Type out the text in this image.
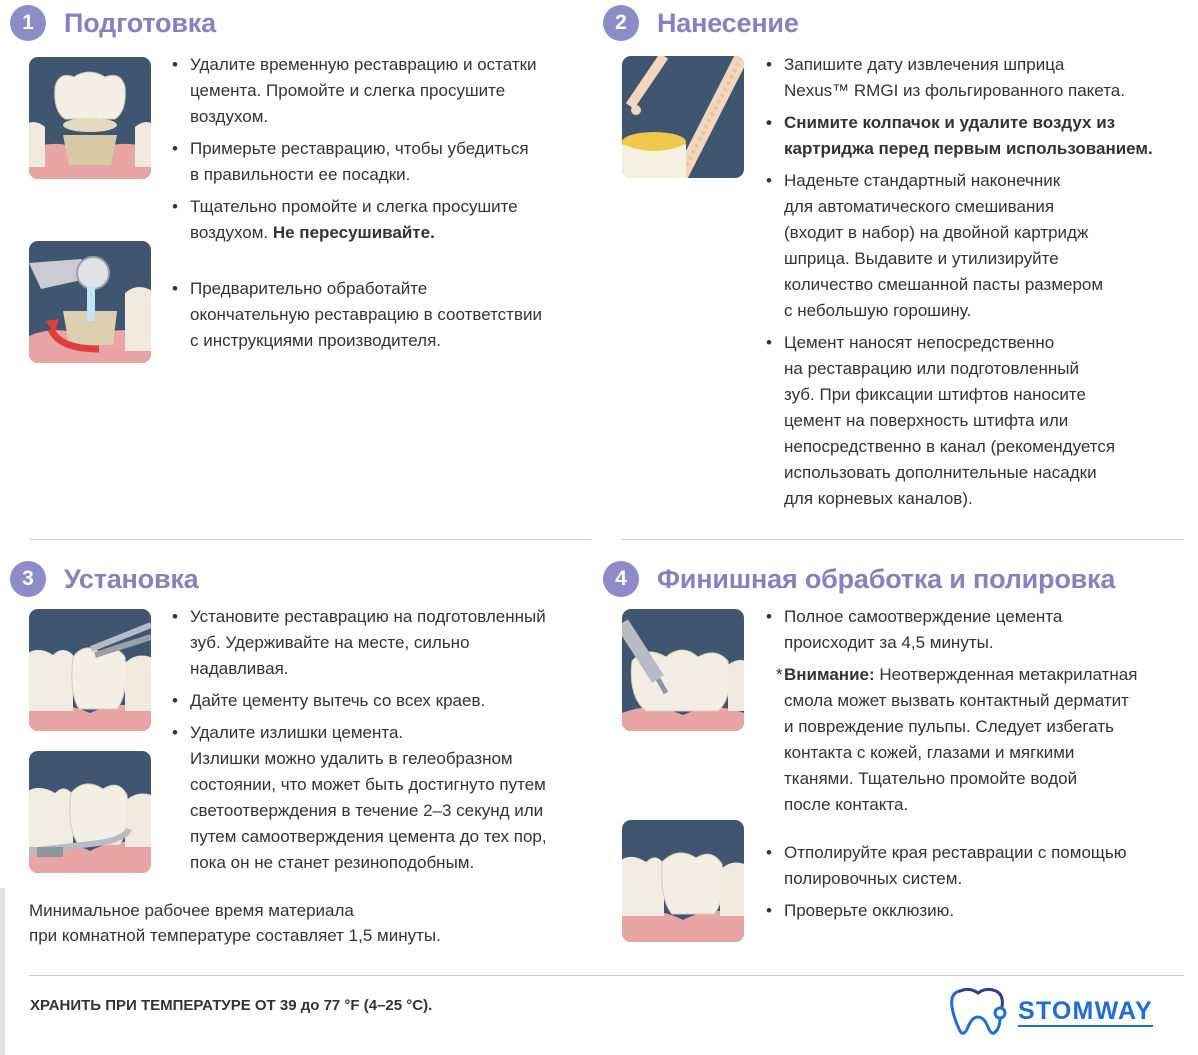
1	Подготовка
• Удалите временную реставрацию и остатки
цемента. Промойте и слегка просушите
воздухом.
• Примерьте реставрацию, чтобы убедиться
в правильности ее посадки.
• Тщательно промойте и слегка просушите
воздухом. Не пересушивайте.
• Предварительно обработайте
окончательную реставрацию в соответствии
с инструкциями производителя.
2	Нанесение
• Запишите дату извлечения шприца
Nexus™ RMGI из фольгированного пакета.
• Снимите колпачок и удалите воздух из
картриджа перед первым использованием.
• Наденьте стандартный наконечник
для автоматического смешивания
(входит в набор) на двойной картридж
шприца. Выдавите и утилизируйте
количество смешанной пасты размером
с небольшую горошину.
• Цемент наносят непосредственно
на реставрацию или подготовленный
зуб. При фиксации штифтов наносите
цемент на поверхность штифта или
непосредственно в канал (рекомендуется
использовать дополнительные насадки
для корневых каналов).
3	Установка
• Установите реставрацию на подготовленный
зуб. Удерживайте на месте, сильно
надавливая.
• Дайте цементу вытечь со всех краев.
• Удалите излишки цемента.
Излишки можно удалить в гелеобразном
состоянии, что может быть достигнуто путем
светоотверждения в течение 2–3 секунд или
путем самоотверждения цемента до тех пор,
пока он не станет резиноподобным.
Минимальное рабочее время материала
при комнатной температуре составляет 1,5 минуты.
4	Финишная обработка и полировка
• Полное самоотверждение цемента
происходит за 4,5 минуты.
* Внимание: Неотвержденная метакрилатная
смола может вызвать контактный дерматит
и повреждение пульпы. Следует избегать
контакта с кожей, глазами и мягкими
тканями. Тщательно промойте водой
после контакта.
• Отполируйте края реставрации с помощью
полировочных систем.
• Проверьте окклюзию.
ХРАНИТЬ ПРИ ТЕМПЕРАТУРЕ ОТ 39 до 77 °F (4–25 °C).	STOMWAY
